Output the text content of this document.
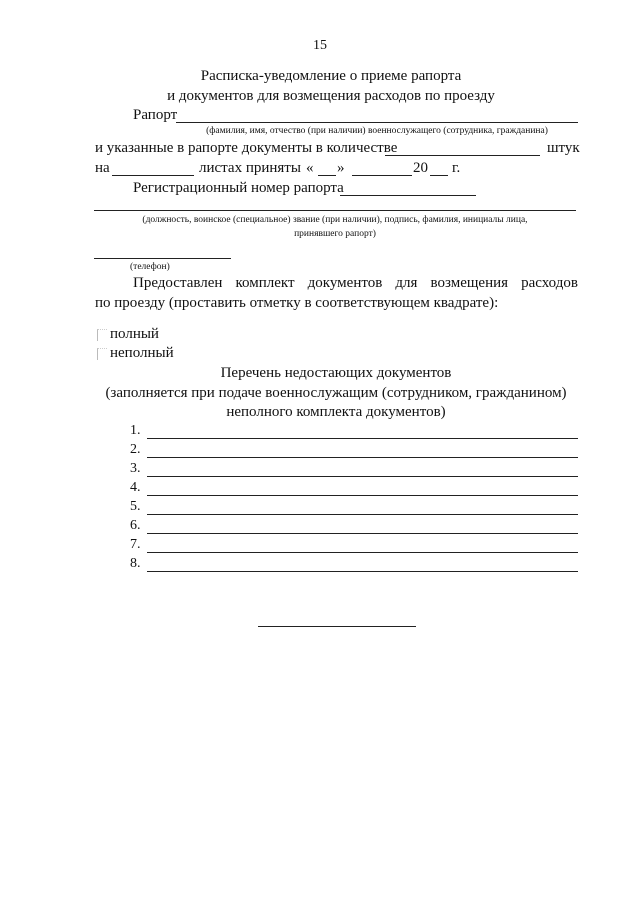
15
Расписка-уведомление о приеме рапорта
и документов для возмещения расходов по проезду
Рапорт
(фамилия, имя, отчество (при наличии) военнослужащего (сотрудника, гражданина)
и указанные в рапорте документы в количестве	штук
на	листах приняты « »	20 г.
Регистрационный номер рапорта
(должность, воинское (специальное) звание (при наличии), подпись, фамилия, инициалы лица,
принявшего рапорт)
(телефон)
Предоставлен комплект документов для возмещения расходов
по проезду (проставить отметку в соответствующем квадрате):
полный
неполный
Перечень недостающих документов
(заполняется при подаче военнослужащим (сотрудником, гражданином)
неполного комплекта документов)
1.
2.
3.
4.
5.
6.
7.
8.
